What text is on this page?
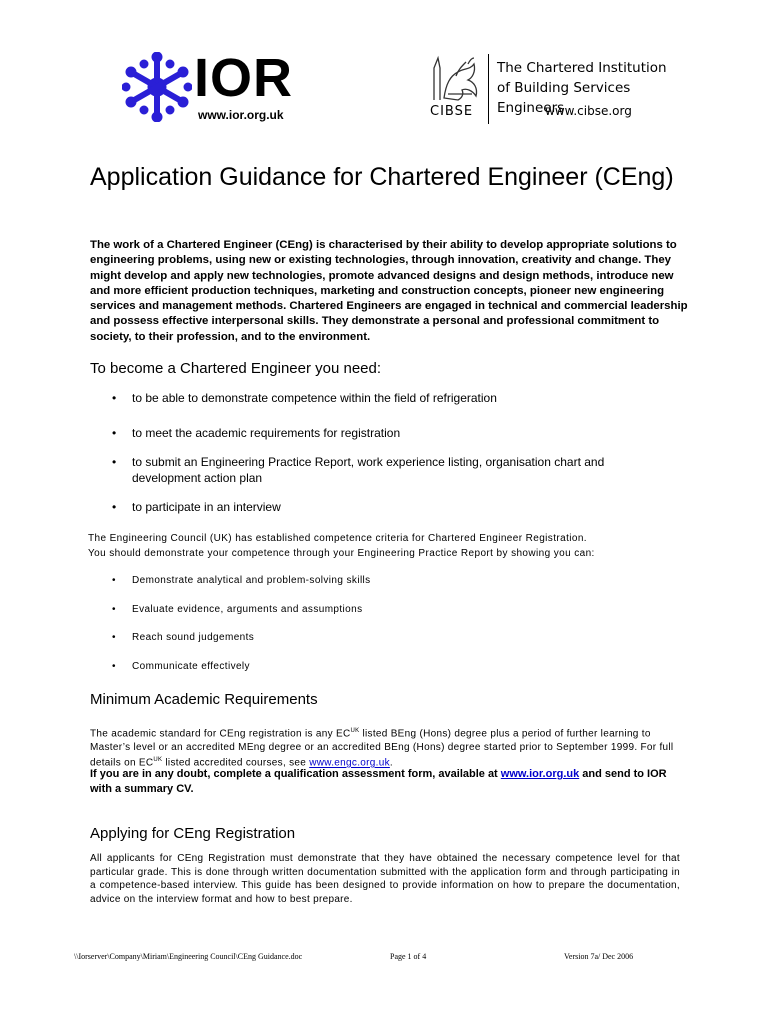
IOR
www.ior.org.uk	CIBSE
The Chartered Institution
of Building Services Engineers
www.cibse.org
Application Guidance for Chartered Engineer (CEng)
The work of a Chartered Engineer (CEng) is characterised by their ability to develop appropriate solutions to engineering problems, using new or existing technologies, through innovation, creativity and change. They might develop and apply new technologies, promote advanced designs and design methods, introduce new and more efficient production techniques, marketing and construction concepts, pioneer new engineering services and management methods. Chartered Engineers are engaged in technical and commercial leadership and possess effective interpersonal skills. They demonstrate a personal and professional commitment to society, to their profession, and to the environment.
To become a Chartered Engineer you need:
• to be able to demonstrate competence within the field of refrigeration
• to meet the academic requirements for registration
• to submit an Engineering Practice Report, work experience listing, organisation chart and development action plan
• to participate in an interview
The Engineering Council (UK) has established competence criteria for Chartered Engineer Registration.
You should demonstrate your competence through your Engineering Practice Report by showing you can:
• Demonstrate analytical and problem-solving skills
• Evaluate evidence, arguments and assumptions
• Reach sound judgements
• Communicate effectively
Minimum Academic Requirements
The academic standard for CEng registration is any $EC^{UK}$ listed BEng (Hons) degree plus a period of further learning to Master’s level or an accredited MEng degree or an accredited BEng (Hons) degree started prior to September 1999. For full details on $EC^{UK}$ listed accredited courses, see www.engc.org.uk.
If you are in any doubt, complete a qualification assessment form, available at www.ior.org.uk and send to IOR with a summary CV.
Applying for CEng Registration
All applicants for CEng Registration must demonstrate that they have obtained the necessary competence level for that particular grade. This is done through written documentation submitted with the application form and through participating in a competence-based interview. This guide has been designed to provide information on how to prepare the documentation, advice on the interview format and how to best prepare.
\\Iorserver\Company\Miriam\Engineering Council\CEng Guidance.doc	Page 1 of 4	Version 7a/ Dec 2006
